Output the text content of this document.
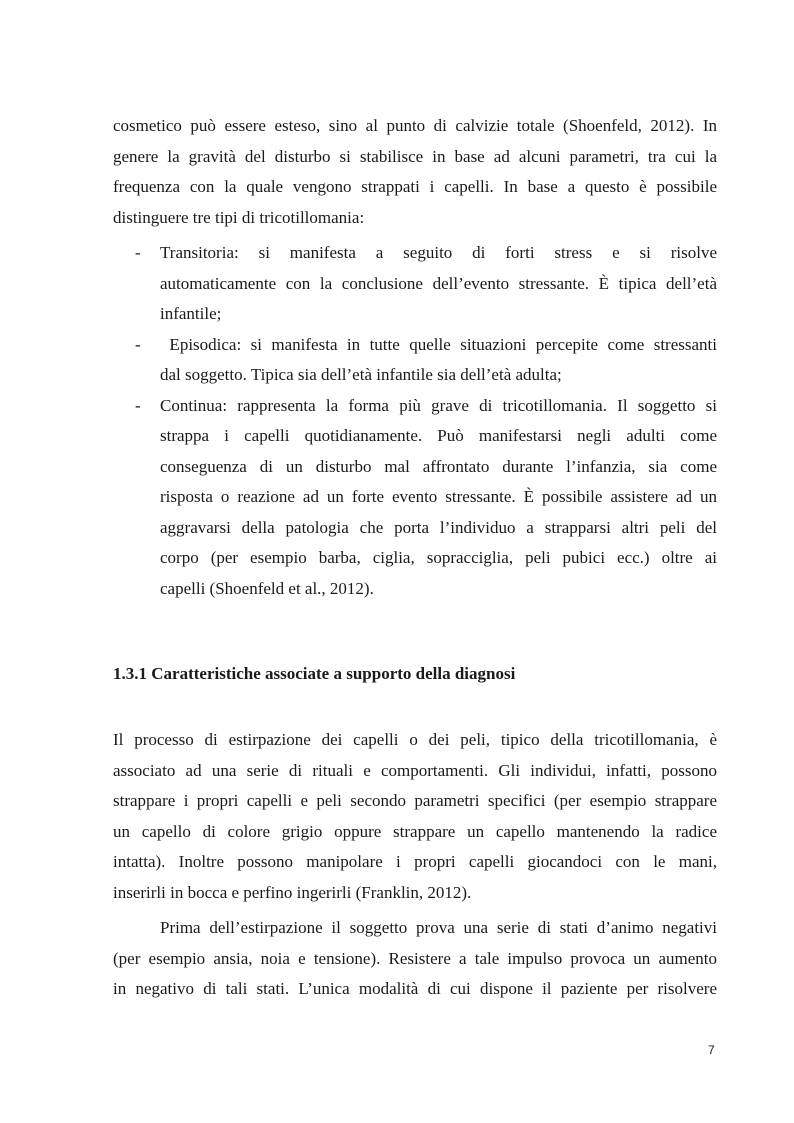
cosmetico può essere esteso, sino al punto di calvizie totale (Shoenfeld, 2012). In
genere la gravità del disturbo si stabilisce in base ad alcuni parametri, tra cui la
frequenza con la quale vengono strappati i capelli. In base a questo è possibile
distinguere tre tipi di tricotillomania:
- Transitoria: si manifesta a seguito di forti stress e si risolve
automaticamente con la conclusione dell’evento stressante. È tipica dell’età
infantile;
- Episodica: si manifesta in tutte quelle situazioni percepite come stressanti
dal soggetto. Tipica sia dell’età infantile sia dell’età adulta;
- Continua: rappresenta la forma più grave di tricotillomania. Il soggetto si
strappa i capelli quotidianamente. Può manifestarsi negli adulti come
conseguenza di un disturbo mal affrontato durante l’infanzia, sia come
risposta o reazione ad un forte evento stressante. È possibile assistere ad un
aggravarsi della patologia che porta l’individuo a strapparsi altri peli del
corpo (per esempio barba, ciglia, sopracciglia, peli pubici ecc.) oltre ai
capelli (Shoenfeld et al., 2012).
1.3.1 Caratteristiche associate a supporto della diagnosi
Il processo di estirpazione dei capelli o dei peli, tipico della tricotillomania, è
associato ad una serie di rituali e comportamenti. Gli individui, infatti, possono
strappare i propri capelli e peli secondo parametri specifici (per esempio strappare
un capello di colore grigio oppure strappare un capello mantenendo la radice
intatta). Inoltre possono manipolare i propri capelli giocandoci con le mani,
inserirli in bocca e perfino ingerirli (Franklin, 2012).
Prima dell’estirpazione il soggetto prova una serie di stati d’animo negativi
(per esempio ansia, noia e tensione). Resistere a tale impulso provoca un aumento
in negativo di tali stati. L’unica modalità di cui dispone il paziente per risolvere
7
